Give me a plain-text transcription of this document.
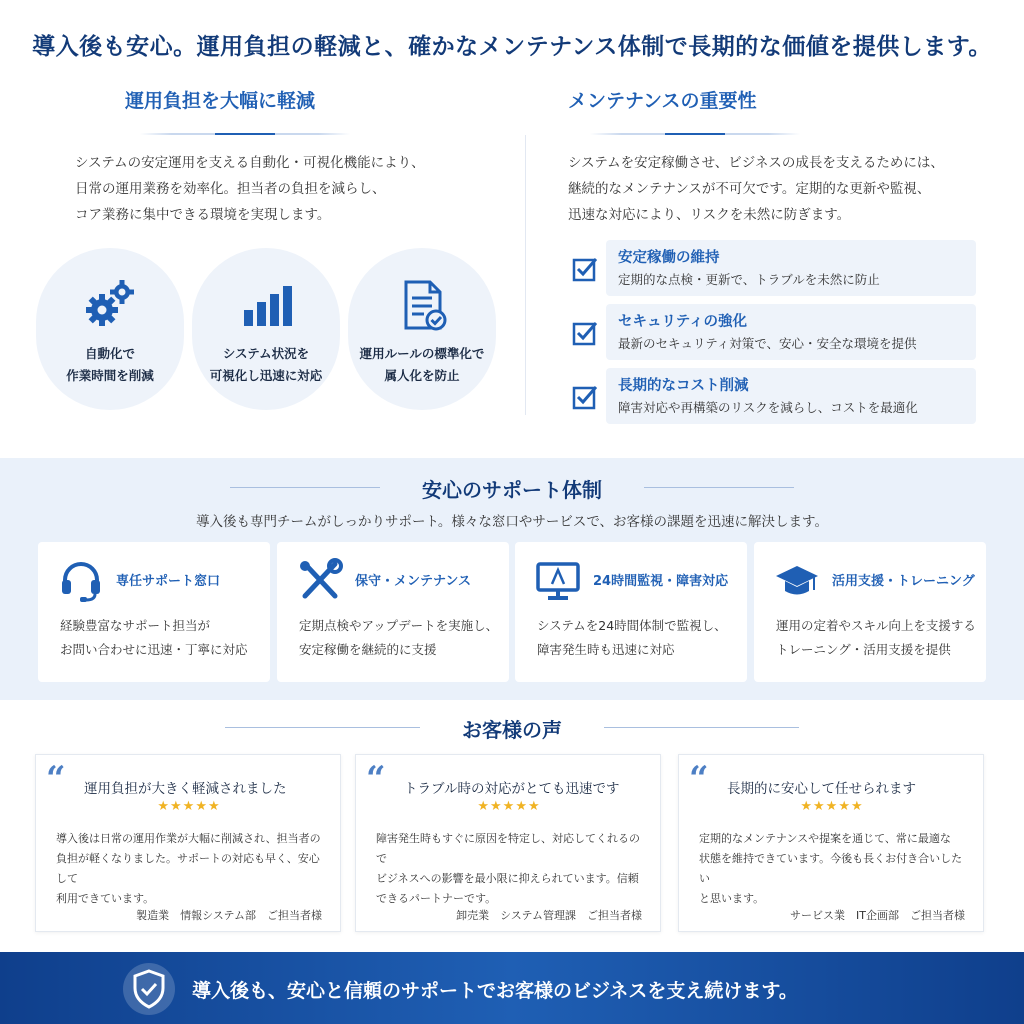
導入後も安心。運用負担の軽減と、確かなメンテナンス体制で長期的な価値を提供します。
運用負担を大幅に軽減
システムの安定運用を支える自動化・可視化機能により、
日常の運用業務を効率化。担当者の負担を減らし、
コア業務に集中できる環境を実現します。
自動化で
作業時間を削減
システム状況を
可視化し迅速に対応
運用ルールの標準化で
属人化を防止
メンテナンスの重要性
システムを安定稼働させ、ビジネスの成長を支えるためには、
継続的なメンテナンスが不可欠です。定期的な更新や監視、
迅速な対応により、リスクを未然に防ぎます。
安定稼働の維持
定期的な点検・更新で、トラブルを未然に防止
セキュリティの強化
最新のセキュリティ対策で、安心・安全な環境を提供
長期的なコスト削減
障害対応や再構築のリスクを減らし、コストを最適化
安心のサポート体制
導入後も専門チームがしっかりサポート。様々な窓口やサービスで、お客様の課題を迅速に解決します。
専任サポート窓口
経験豊富なサポート担当が
お問い合わせに迅速・丁寧に対応
保守・メンテナンス
定期点検やアップデートを実施し、
安定稼働を継続的に支援
24時間監視・障害対応
システムを24時間体制で監視し、
障害発生時も迅速に対応
活用支援・トレーニング
運用の定着やスキル向上を支援する
トレーニング・活用支援を提供
お客様の声
“ 運用負担が大きく軽減されました
★★★★★
導入後は日常の運用作業が大幅に削減され、担当者の
負担が軽くなりました。サポートの対応も早く、安心して
利用できています。
製造業　情報システム部　ご担当者様
“ トラブル時の対応がとても迅速です
★★★★★
障害発生時もすぐに原因を特定し、対応してくれるので
ビジネスへの影響を最小限に抑えられています。信頼
できるパートナーです。
卸売業　システム管理課　ご担当者様
“ 長期的に安心して任せられます
★★★★★
定期的なメンテナンスや提案を通じて、常に最適な
状態を維持できています。今後も長くお付き合いしたい
と思います。
サービス業　IT企画部　ご担当者様
導入後も、安心と信頼のサポートでお客様のビジネスを支え続けます。
